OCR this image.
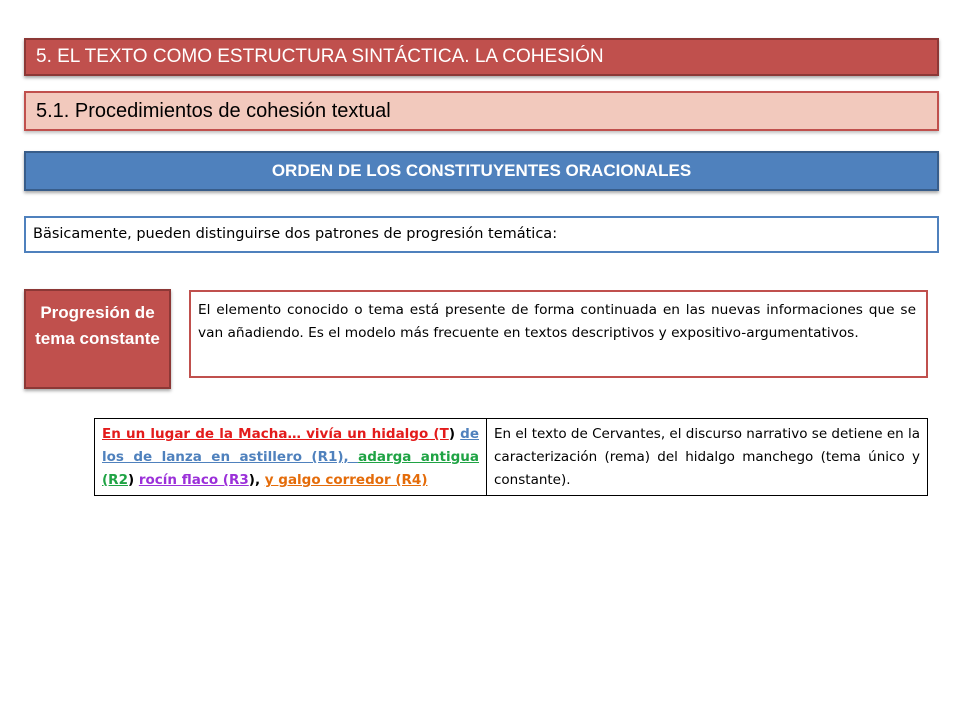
5. EL TEXTO COMO ESTRUCTURA SINTÁCTICA. LA COHESIÓN
5.1. Procedimientos de cohesión textual
ORDEN DE LOS CONSTITUYENTES ORACIONALES
Bäsicamente, pueden distinguirse dos patrones de progresión temática:
Progresión de tema constante
El elemento conocido o tema está presente de forma continuada en las nuevas informaciones que se van añadiendo. Es el modelo más frecuente en textos descriptivos y expositivo-argumentativos.
En un lugar de la Macha… vivía un hidalgo (T) de los de lanza en astillero (R1), adarga antigua (R2) rocín flaco (R3), y galgo corredor (R4)	En el texto de Cervantes, el discurso narrativo se detiene en la caracterización (rema) del hidalgo manchego (tema único y constante).
